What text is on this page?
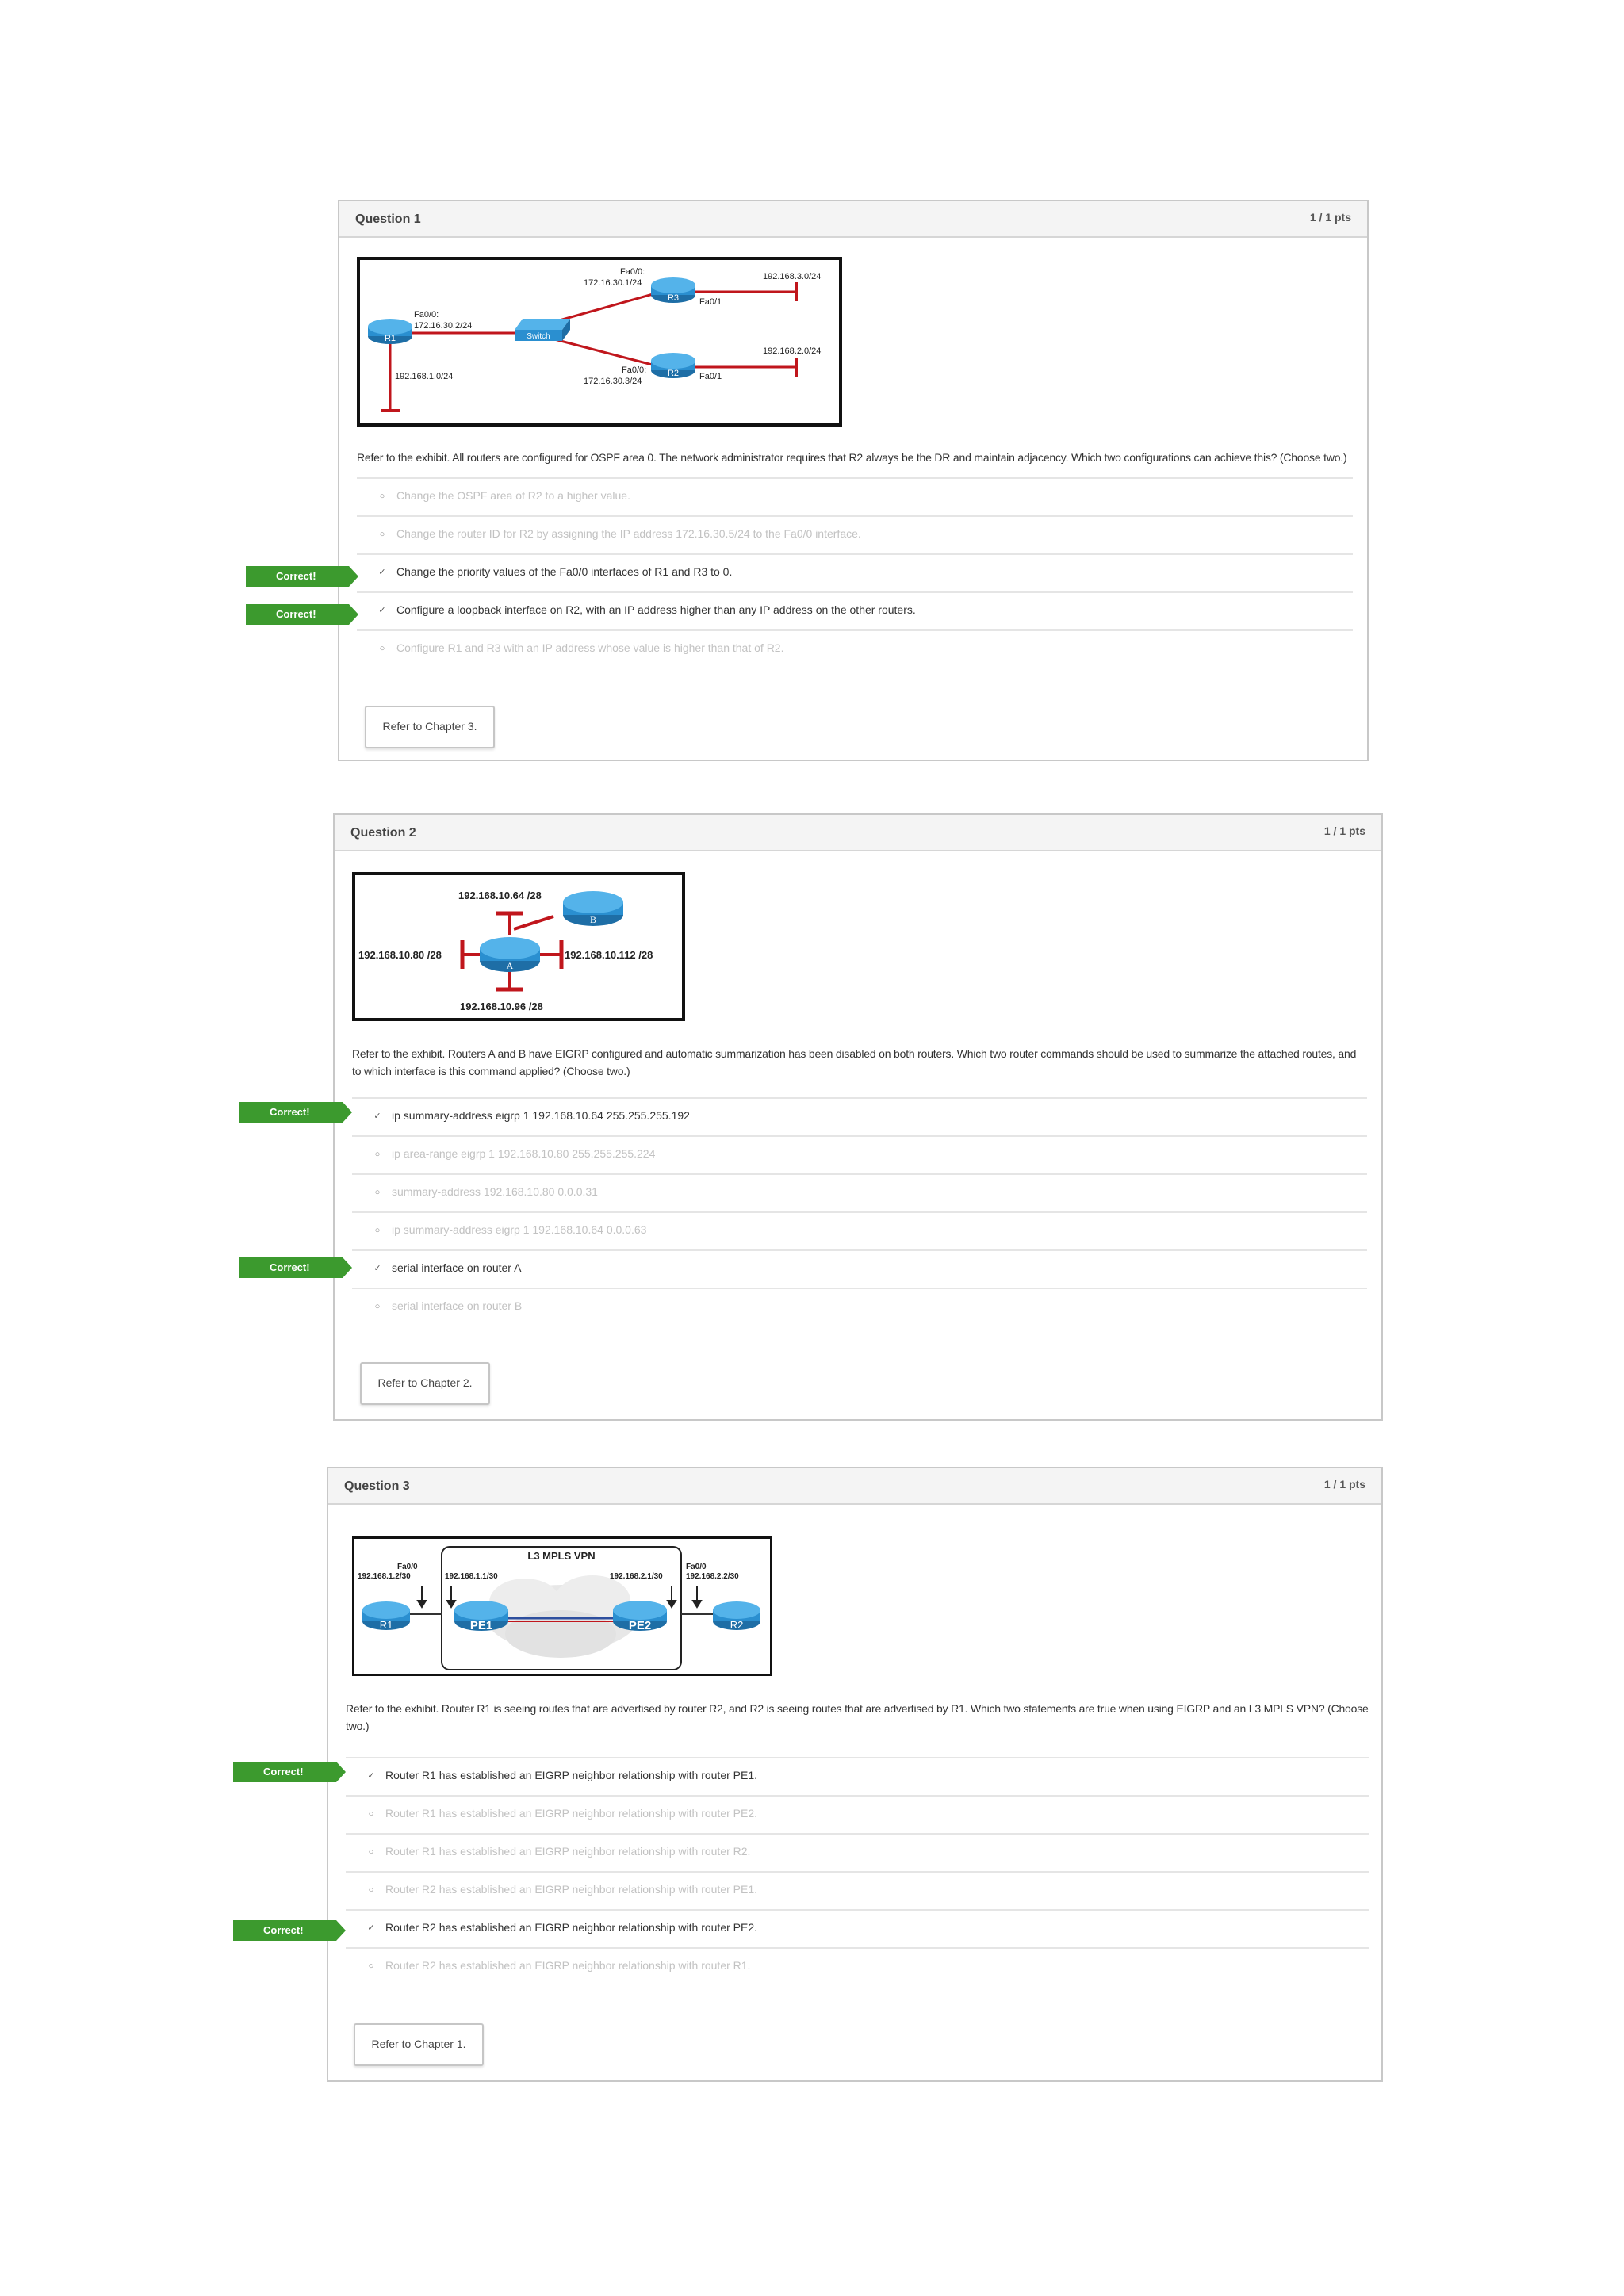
Question 1	1 / 1 pts
R1	Switch
R3
R2
Fa0/0:
172.16.30.2/24
192.168.1.0/24
Fa0/0:
172.16.30.1/24
Fa0/1
192.168.3.0/24
Fa0/0:
172.16.30.3/24	Fa0/1
192.168.2.0/24
Refer to the exhibit. All routers are configured for OSPF area 0. The network administrator requires that R2 always be the DR and maintain adjacency. Which two configurations can achieve this? (Choose two.)
○ Change the OSPF area of R2 to a higher value.
○ Change the router ID for R2 by assigning the IP address 172.16.30.5/24 to the Fa0/0 interface.
✓ Change the priority values of the Fa0/0 interfaces of R1 and R3 to 0.
✓ Configure a loopback interface on R2, with an IP address higher than any IP address on the other routers.
○ Configure R1 and R3 with an IP address whose value is higher than that of R2.
Refer to Chapter 3.
Correct!
Correct!
Question 2	1 / 1 pts
A
B
192.168.10.64 /28
192.168.10.80 /28	192.168.10.112 /28
192.168.10.96 /28
Refer to the exhibit. Routers A and B have EIGRP configured and automatic summarization has been disabled on both routers. Which two router commands should be used to summarize the attached routes, and to which interface is this command applied? (Choose two.)
✓ ip summary-address eigrp 1 192.168.10.64 255.255.255.192
○ ip area-range eigrp 1 192.168.10.80 255.255.255.224
○ summary-address 192.168.10.80 0.0.0.31
○ ip summary-address eigrp 1 192.168.10.64 0.0.0.63
✓ serial interface on router A
○ serial interface on router B
Refer to Chapter 2.
Correct!
Correct!
Question 3	1 / 1 pts
L3 MPLS VPN
R1	PE1	PE2	R2
Fa0/0
192.168.1.2/30	192.168.1.1/30	192.168.2.1/30
Fa0/0
192.168.2.2/30
Refer to the exhibit. Router R1 is seeing routes that are advertised by router R2, and R2 is seeing routes that are advertised by R1. Which two statements are true when using EIGRP and an L3 MPLS VPN? (Choose two.)
✓ Router R1 has established an EIGRP neighbor relationship with router PE1.
○ Router R1 has established an EIGRP neighbor relationship with router PE2.
○ Router R1 has established an EIGRP neighbor relationship with router R2.
○ Router R2 has established an EIGRP neighbor relationship with router PE1.
✓ Router R2 has established an EIGRP neighbor relationship with router PE2.
○ Router R2 has established an EIGRP neighbor relationship with router R1.
Refer to Chapter 1.
Correct!
Correct!
